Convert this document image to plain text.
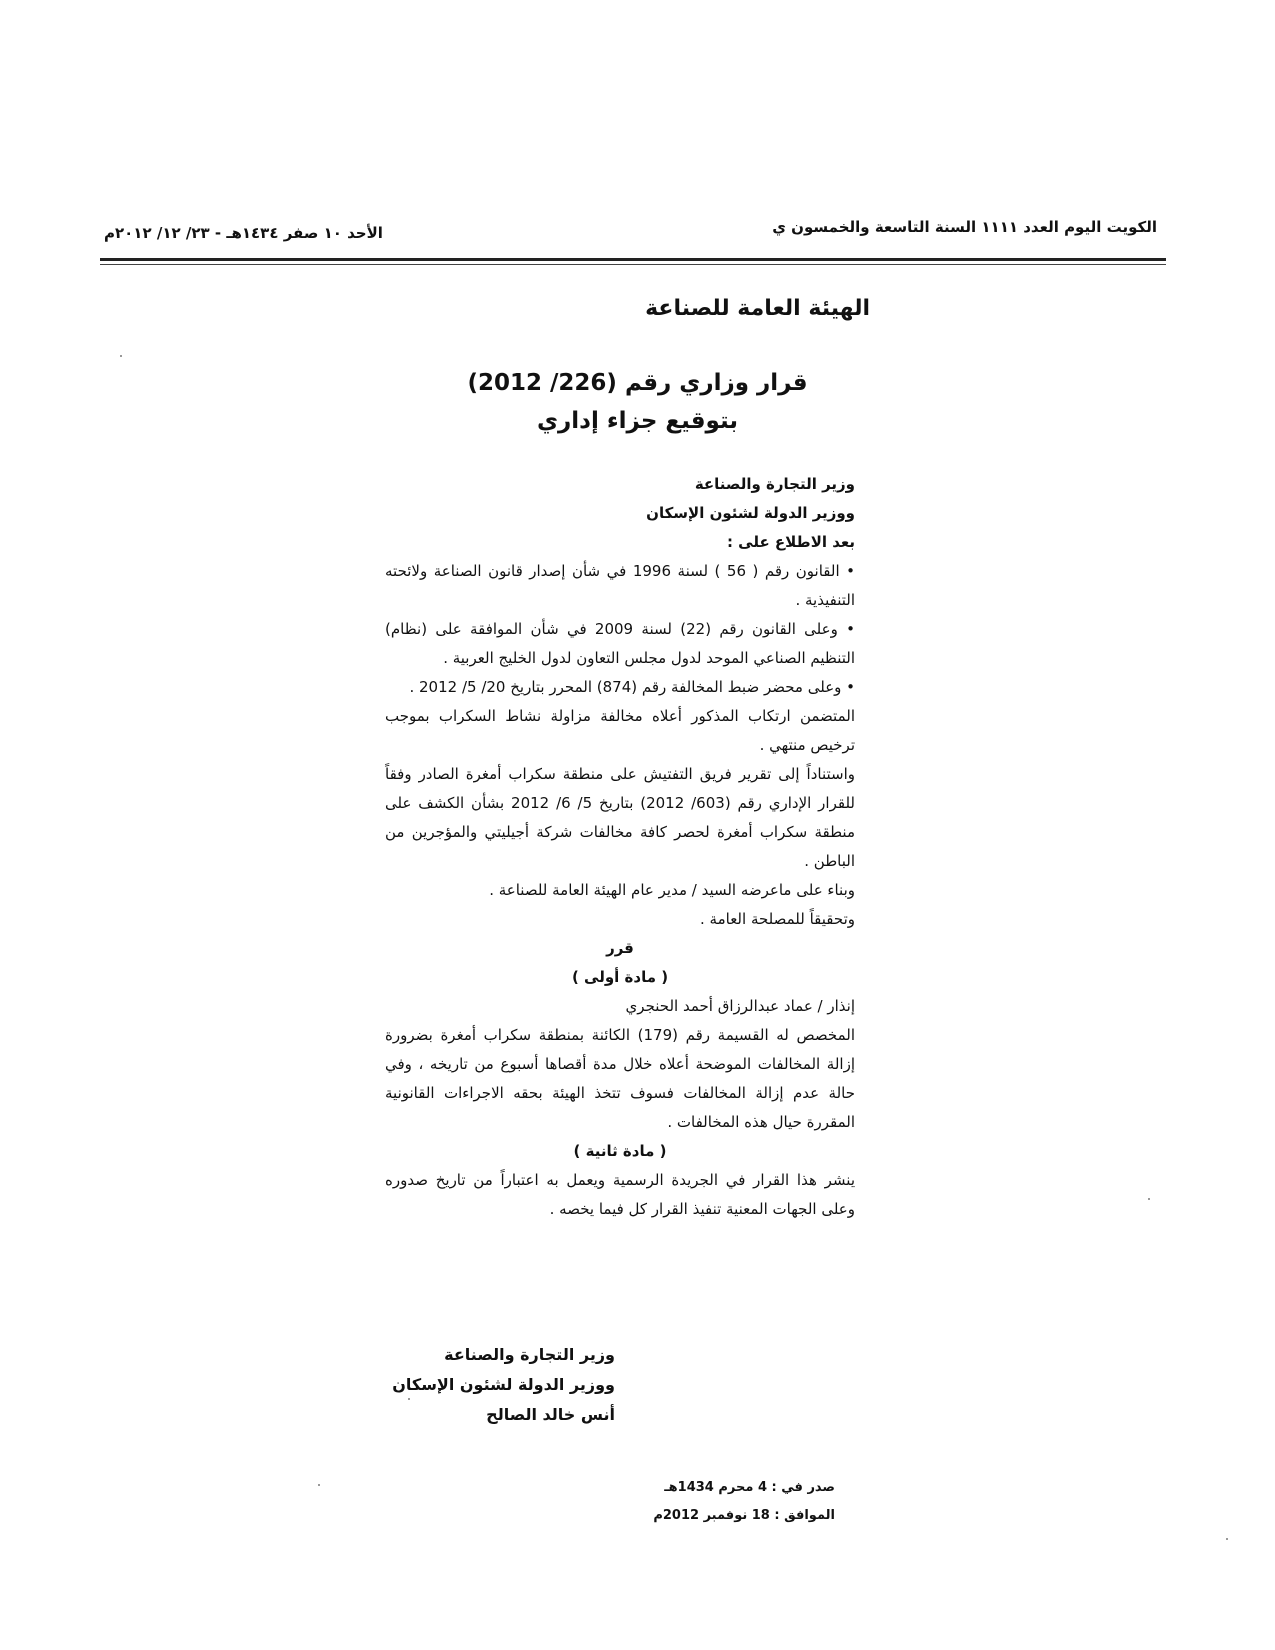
الكويت اليوم العدد ١١١١ السنة التاسعة والخمسون ي
الأحد ١٠ صفر ١٤٣٤هـ - ٢٣/ ١٢/ ٢٠١٢م
الهيئة العامة للصناعة
قرار وزاري رقم (226/ 2012)
بتوقيع جزاء إداري

وزير التجارة والصناعة

ووزير الدولة لشئون الإسكان

بعد الاطلاع على :

• القانون رقم ( 56 ) لسنة 1996 في شأن إصدار قانون الصناعة ولائحته التنفيذية .

• وعلى القانون رقم (22) لسنة 2009 في شأن الموافقة على (نظام) التنظيم الصناعي الموحد لدول مجلس التعاون لدول الخليج العربية .

• وعلى محضر ضبط المخالفة رقم (874) المحرر بتاريخ 20/ 5/ 2012 .

المتضمن ارتكاب المذكور أعلاه مخالفة مزاولة نشاط السكراب بموجب ترخيص منتهي .

واستناداً إلى تقرير فريق التفتيش على منطقة سكراب أمغرة الصادر وفقاً للقرار الإداري رقم (603/ 2012) بتاريخ 5/ 6/ 2012 بشأن الكشف على منطقة سكراب أمغرة لحصر كافة مخالفات شركة أجيليتي والمؤجرين من الباطن .

وبناء على ماعرضه السيد / مدير عام الهيئة العامة للصناعة .

وتحقيقاً للمصلحة العامة .

قرر

( مادة أولى )

إنذار / عماد عبدالرزاق أحمد الحنجري

المخصص له القسيمة رقم (179) الكائنة بمنطقة سكراب أمغرة بضرورة إزالة المخالفات الموضحة أعلاه خلال مدة أقصاها أسبوع من تاريخه ، وفي حالة عدم إزالة المخالفات فسوف تتخذ الهيئة بحقه الاجراءات القانونية المقررة حيال هذه المخالفات .

( مادة ثانية )

ينشر هذا القرار في الجريدة الرسمية ويعمل به اعتباراً من تاريخ صدوره وعلى الجهات المعنية تنفيذ القرار كل فيما يخصه .

وزير التجارة والصناعة
ووزير الدولة لشئون الإسكان
أنس خالد الصالح
صدر في : 4 محرم 1434هـ
الموافق : 18 نوفمبر 2012م
